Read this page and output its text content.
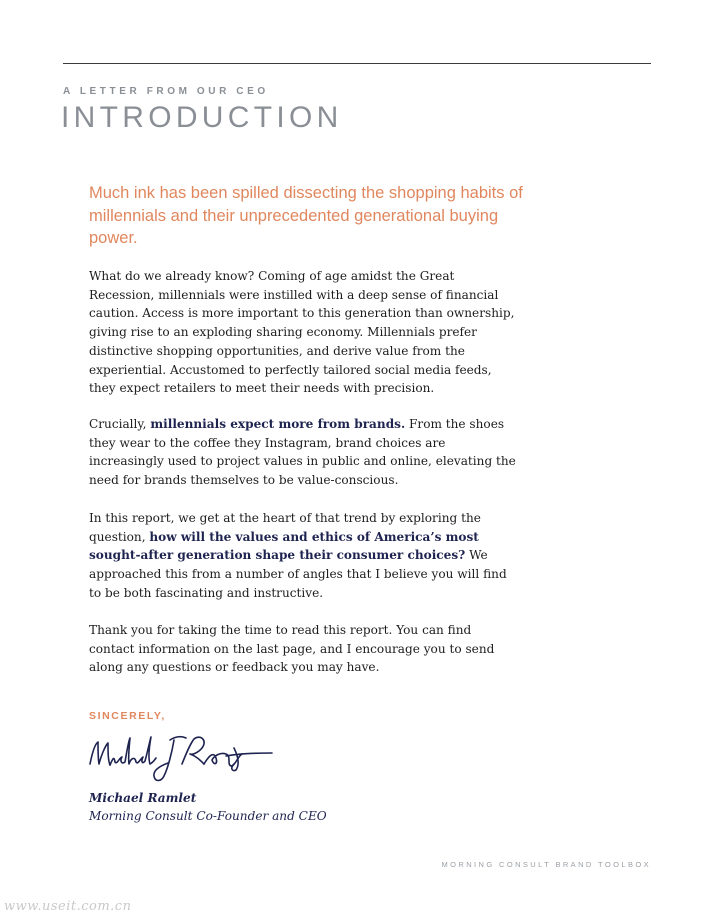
A LETTER FROM OUR CEO
INTRODUCTION

Much ink has been spilled dissecting the shopping habits of millennials and their unprecedented generational buying power.

What do we already know? Coming of age amidst the Great Recession, millennials were instilled with a deep sense of financial caution. Access is more important to this generation than ownership, giving rise to an exploding sharing economy. Millennials prefer distinctive shopping opportunities, and derive value from the experiential. Accustomed to perfectly tailored social media feeds, they expect retailers to meet their needs with precision.

Crucially, millennials expect more from brands. From the shoes they wear to the coffee they Instagram, brand choices are increasingly used to project values in public and online, elevating the need for brands themselves to be value-conscious.

In this report, we get at the heart of that trend by exploring the question, how will the values and ethics of America’s most sought-after generation shape their consumer choices? We approached this from a number of angles that I believe you will find to be both fascinating and instructive.

Thank you for taking the time to read this report. You can find contact information on the last page, and I encourage you to send along any questions or feedback you may have.

SINCERELY,
Michael Ramlet
Morning Consult Co-Founder and CEO
MORNING CONSULT BRAND TOOLBOX
www.useit.com.cn
